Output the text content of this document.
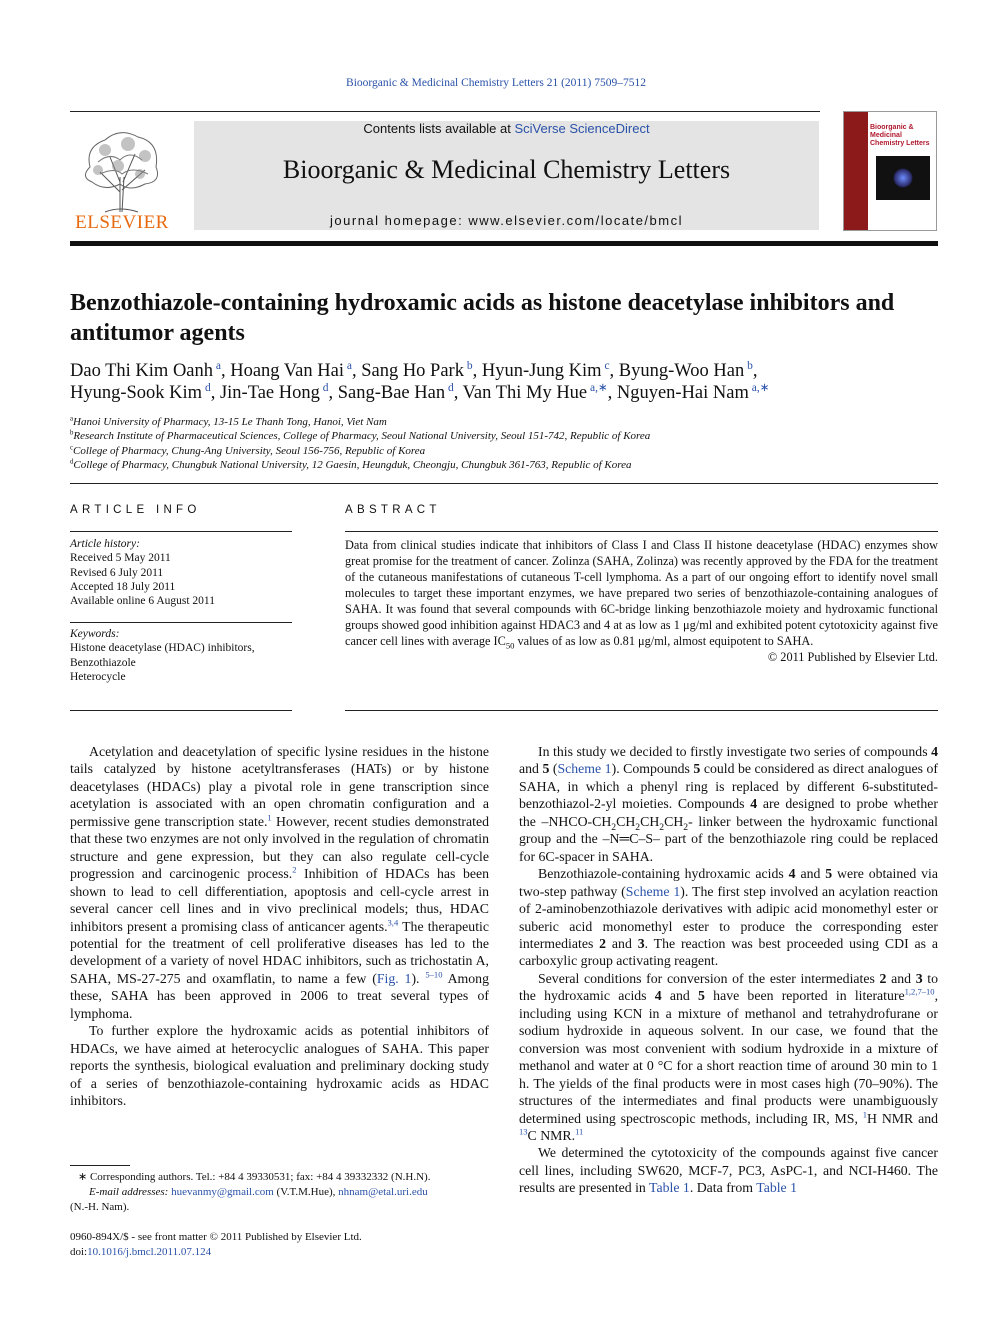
Bioorganic & Medicinal Chemistry Letters 21 (2011) 7509–7512
ELSEVIER
Contents lists available at SciVerse ScienceDirect
Bioorganic & Medicinal Chemistry Letters
journal homepage: www.elsevier.com/locate/bmcl
Bioorganic & Medicinal Chemistry Letters
Benzothiazole-containing hydroxamic acids as histone deacetylase inhibitors and antitumor agents
Dao Thi Kim Oanh $^a$, Hoang Van Hai $^a$, Sang Ho Park $^b$, Hyun-Jung Kim $^c$, Byung-Woo Han $^b$,
Hyung-Sook Kim $^d$, Jin-Tae Hong $^d$, Sang-Bae Han $^d$, Van Thi My Hue $^{a,∗}$, Nguyen-Hai Nam $^{a,∗}$
$^a$Hanoi University of Pharmacy, 13-15 Le Thanh Tong, Hanoi, Viet Nam
$^b$Research Institute of Pharmaceutical Sciences, College of Pharmacy, Seoul National University, Seoul 151-742, Republic of Korea
$^c$College of Pharmacy, Chung-Ang University, Seoul 156-756, Republic of Korea
$^d$College of Pharmacy, Chungbuk National University, 12 Gaesin, Heungduk, Cheongju, Chungbuk 361-763, Republic of Korea
ARTICLE INFO
Article history:
Received 5 May 2011
Revised 6 July 2011
Accepted 18 July 2011
Available online 6 August 2011
Keywords:
Histone deacetylase (HDAC) inhibitors,
Benzothiazole
Heterocycle
ABSTRACT
Data from clinical studies indicate that inhibitors of Class I and Class II histone deacetylase (HDAC) enzymes show great promise for the treatment of cancer. Zolinza (SAHA, Zolinza) was recently approved by the FDA for the treatment of the cutaneous manifestations of cutaneous T-cell lymphoma. As a part of our ongoing effort to identify novel small molecules to target these important enzymes, we have prepared two series of benzothiazole-containing analogues of SAHA. It was found that several compounds with 6C-bridge linking benzothiazole moiety and hydroxamic functional groups showed good inhibition against HDAC3 and 4 at as low as 1 μg/ml and exhibited potent cytotoxicity against five cancer cell lines with average $IC_{50}$ values of as low as 0.81 μg/ml, almost equipotent to SAHA.
© 2011 Published by Elsevier Ltd.

Acetylation and deacetylation of specific lysine residues in the histone tails catalyzed by histone acetyltransferases (HATs) or by histone deacetylases (HDACs) play a pivotal role in gene transcription since acetylation is associated with an open chromatin configuration and a permissive gene transcription state.$^1$ However, recent studies demonstrated that these two enzymes are not only involved in the regulation of chromatin structure and gene expression, but they can also regulate cell-cycle progression and carcinogenic process.$^2$ Inhibition of HDACs has been shown to lead to cell differentiation, apoptosis and cell-cycle arrest in several cancer cell lines and in vivo preclinical models; thus, HDAC inhibitors present a promising class of anticancer agents.$^{3,4}$ The therapeutic potential for the treatment of cell proliferative diseases has led to the development of a variety of novel HDAC inhibitors, such as trichostatin A, SAHA, MS-27-275 and oxamflatin, to name a few (Fig. 1). $^{5-10}$ Among these, SAHA has been approved in 2006 to treat several types of lymphoma.

To further explore the hydroxamic acids as potential inhibitors of HDACs, we have aimed at heterocyclic analogues of SAHA. This paper reports the synthesis, biological evaluation and preliminary docking study of a series of benzothiazole-containing hydroxamic acids as HDAC inhibitors.

In this study we decided to firstly investigate two series of compounds 4 and 5 (Scheme 1). Compounds 5 could be considered as direct analogues of SAHA, in which a phenyl ring is replaced by different 6-substituted-benzothiazol-2-yl moieties. Compounds 4 are designed to probe whether the $-NHCO-CH_2CH_2CH_2CH_2-$ linker between the hydroxamic functional group and the –N═C–S– part of the benzothiazole ring could be replaced for 6C-spacer in SAHA.

Benzothiazole-containing hydroxamic acids 4 and 5 were obtained via two-step pathway (Scheme 1). The first step involved an acylation reaction of 2-aminobenzothiazole derivatives with adipic acid monomethyl ester or suberic acid monomethyl ester to produce the corresponding ester intermediates 2 and 3. The reaction was best proceeded using CDI as a carboxylic group activating reagent.

Several conditions for conversion of the ester intermediates 2 and 3 to the hydroxamic acids 4 and 5 have been reported in literature$^{1,2,7-10}$, including using KCN in a mixture of methanol and tetrahydrofurane or sodium hydroxide in aqueous solvent. In our case, we found that the conversion was most convenient with sodium hydroxide in a mixture of methanol and water at 0 °C for a short reaction time of around 30 min to 1 h. The yields of the final products were in most cases high (70–90%). The structures of the intermediates and final products were unambiguously determined using spectroscopic methods, including IR, MS, $^1$H NMR and $^{13}$C NMR.$^{11}$

We determined the cytotoxicity of the compounds against five cancer cell lines, including SW620, MCF-7, PC3, AsPC-1, and NCI-H460. The results are presented in Table 1. Data from Table 1

∗ Corresponding authors. Tel.: +84 4 39330531; fax: +84 4 39332332 (N.H.N).
E-mail addresses: huevanmy@gmail.com (V.T.M.Hue), nhnam@etal.uri.edu
(N.-H. Nam).
0960-894X/$ - see front matter © 2011 Published by Elsevier Ltd.
doi:10.1016/j.bmcl.2011.07.124
